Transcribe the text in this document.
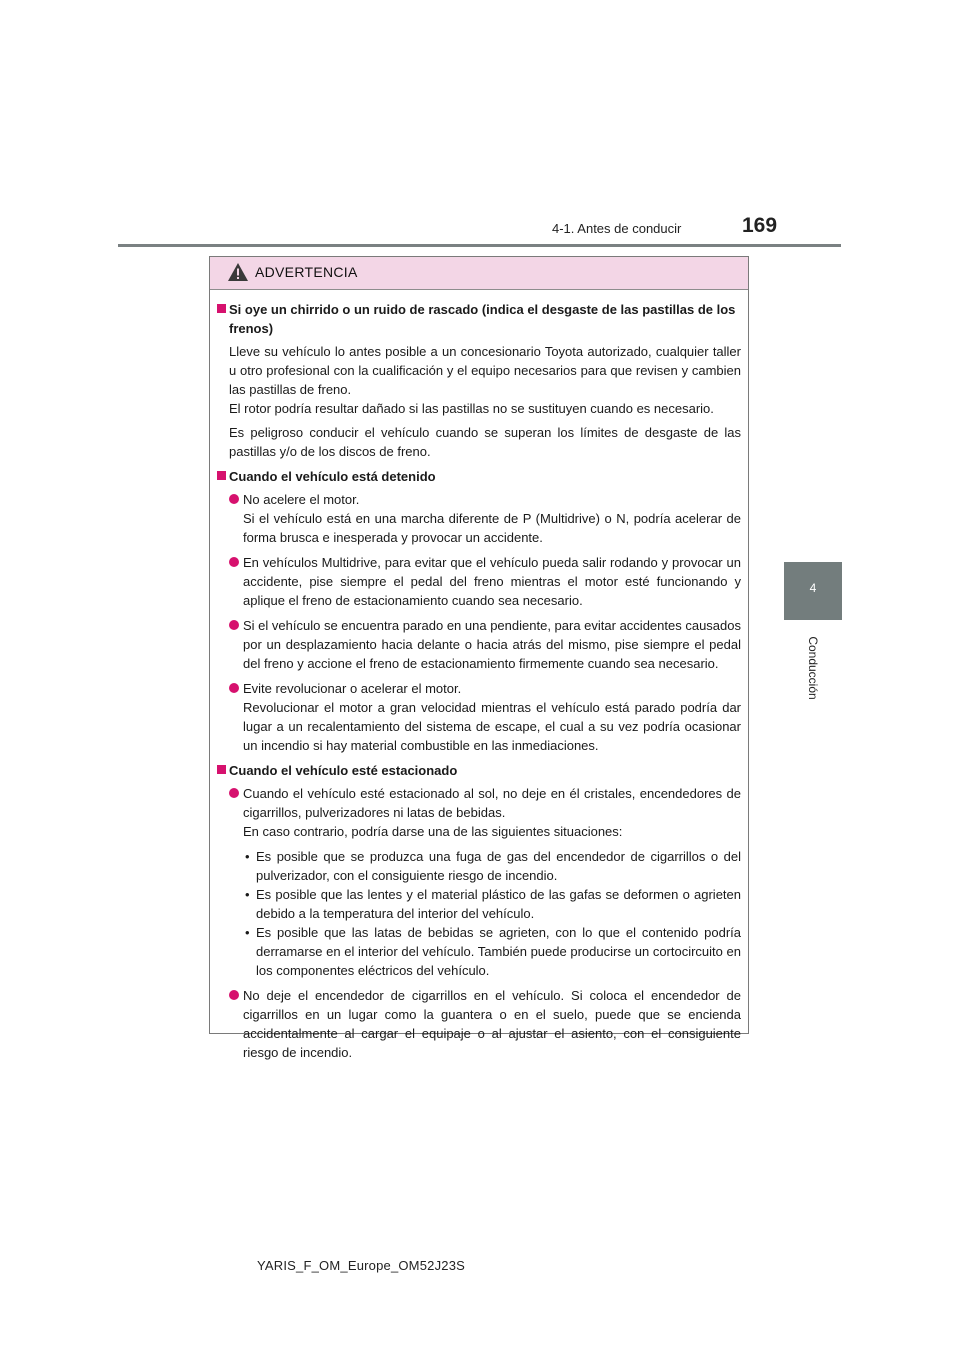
4-1. Antes de conducir	169
4
Conducción
ADVERTENCIA
Si oye un chirrido o un ruido de rascado (indica el desgaste de las pastillas de los frenos)
Lleve su vehículo lo antes posible a un concesionario Toyota autorizado, cualquier taller u otro profesional con la cualificación y el equipo necesarios para que revisen y cambien las pastillas de freno.
El rotor podría resultar dañado si las pastillas no se sustituyen cuando es necesario.
Es peligroso conducir el vehículo cuando se superan los límites de desgaste de las pastillas y/o de los discos de freno.
Cuando el vehículo está detenido
No acelere el motor.
Si el vehículo está en una marcha diferente de P (Multidrive) o N, podría acelerar de forma brusca e inesperada y provocar un accidente.
En vehículos Multidrive, para evitar que el vehículo pueda salir rodando y provocar un accidente, pise siempre el pedal del freno mientras el motor esté funcionando y aplique el freno de estacionamiento cuando sea necesario.
Si el vehículo se encuentra parado en una pendiente, para evitar accidentes causados por un desplazamiento hacia delante o hacia atrás del mismo, pise siempre el pedal del freno y accione el freno de estacionamiento firmemente cuando sea necesario.
Evite revolucionar o acelerar el motor.
Revolucionar el motor a gran velocidad mientras el vehículo está parado podría dar lugar a un recalentamiento del sistema de escape, el cual a su vez podría ocasionar un incendio si hay material combustible en las inmediaciones.
Cuando el vehículo esté estacionado
Cuando el vehículo esté estacionado al sol, no deje en él cristales, encendedores de cigarrillos, pulverizadores ni latas de bebidas.
En caso contrario, podría darse una de las siguientes situaciones:
• Es posible que se produzca una fuga de gas del encendedor de cigarrillos o del pulverizador, con el consiguiente riesgo de incendio.
• Es posible que las lentes y el material plástico de las gafas se deformen o agrieten debido a la temperatura del interior del vehículo.
• Es posible que las latas de bebidas se agrieten, con lo que el contenido podría derramarse en el interior del vehículo. También puede producirse un cortocircuito en los componentes eléctricos del vehículo.
No deje el encendedor de cigarrillos en el vehículo. Si coloca el encendedor de cigarrillos en un lugar como la guantera o en el suelo, puede que se encienda accidentalmente al cargar el equipaje o al ajustar el asiento, con el consiguiente riesgo de incendio.
YARIS_F_OM_Europe_OM52J23S
